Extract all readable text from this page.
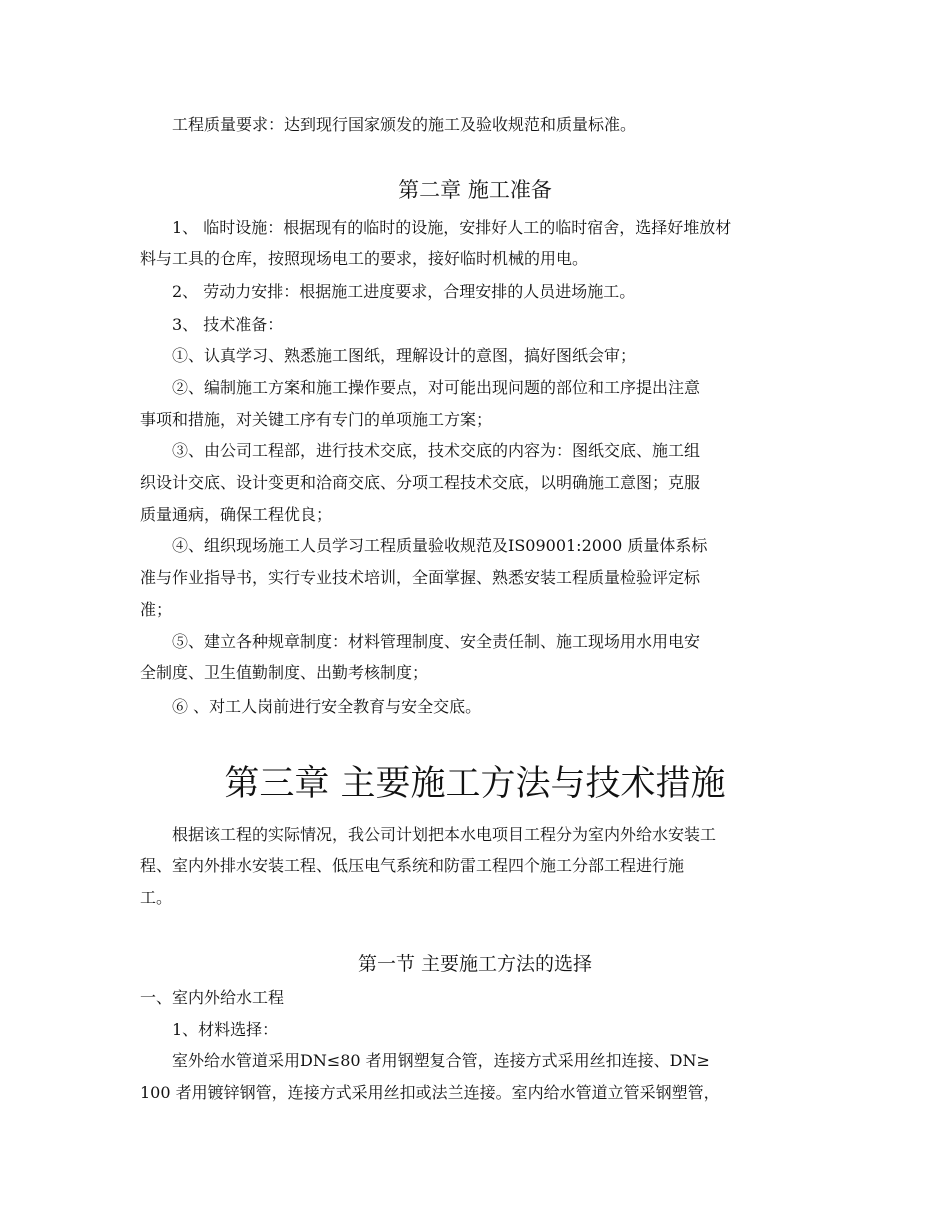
工程质量要求：达到现行国家颁发的施工及验收规范和质量标准。
第二章 施工准备
1、 临时设施：根据现有的临时的设施，安排好人工的临时宿舍，选择好堆放材
料与工具的仓库，按照现场电工的要求，接好临时机械的用电。
2、 劳动力安排：根据施工进度要求，合理安排的人员进场施工。
3、 技术准备：
①、认真学习、熟悉施工图纸，理解设计的意图，搞好图纸会审；
②、编制施工方案和施工操作要点，对可能出现问题的部位和工序提出注意
事项和措施，对关键工序有专门的单项施工方案；
③、由公司工程部，进行技术交底，技术交底的内容为：图纸交底、施工组
织设计交底、设计变更和洽商交底、分项工程技术交底，以明确施工意图；克服
质量通病，确保工程优良；
④、组织现场施工人员学习工程质量验收规范及IS09001:2000 质量体系标
准与作业指导书，实行专业技术培训，全面掌握、熟悉安装工程质量检验评定标
准；
⑤、建立各种规章制度：材料管理制度、安全责任制、施工现场用水用电安
全制度、卫生值勤制度、出勤考核制度；
⑥ 、对工人岗前进行安全教育与安全交底。
第三章 主要施工方法与技术措施
根据该工程的实际情况，我公司计划把本水电项目工程分为室内外给水安装工
程、室内外排水安装工程、低压电气系统和防雷工程四个施工分部工程进行施
工。
第一节 主要施工方法的选择
一、室内外给水工程
1、材料选择：
室外给水管道采用DN≤80 者用钢塑复合管，连接方式采用丝扣连接、DN≥
100 者用镀锌钢管，连接方式采用丝扣或法兰连接。室内给水管道立管采钢塑管，
